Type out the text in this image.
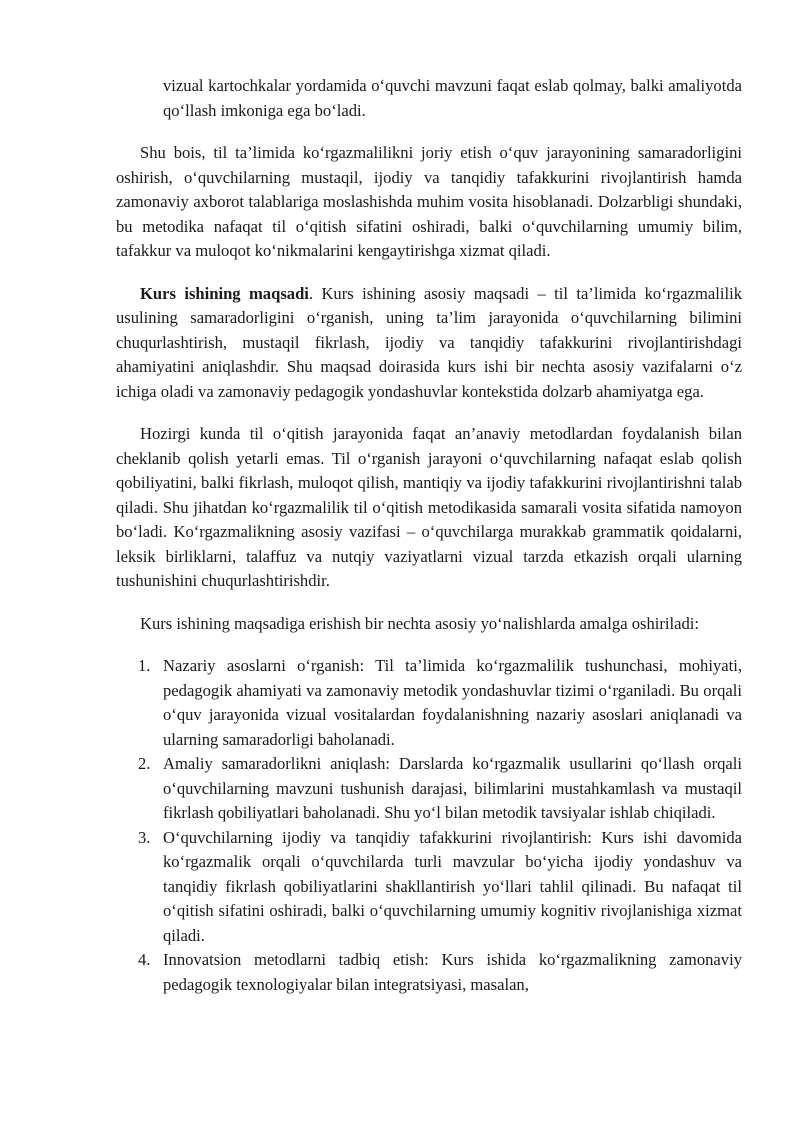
vizual kartochkalar yordamida o‘quvchi mavzuni faqat eslab qolmay, balki amaliyotda qo‘llash imkoniga ega bo‘ladi.

Shu bois, til ta’limida ko‘rgazmalilikni joriy etish o‘quv jarayonining samaradorligini oshirish, o‘quvchilarning mustaqil, ijodiy va tanqidiy tafakkurini rivojlantirish hamda zamonaviy axborot talablariga moslashishda muhim vosita hisoblanadi. Dolzarbligi shundaki, bu metodika nafaqat til o‘qitish sifatini oshiradi, balki o‘quvchilarning umumiy bilim, tafakkur va muloqot ko‘nikmalarini kengaytirishga xizmat qiladi.

Kurs ishining maqsadi. Kurs ishining asosiy maqsadi – til ta’limida ko‘rgazmalilik usulining samaradorligini o‘rganish, uning ta’lim jarayonida o‘quvchilarning bilimini chuqurlashtirish, mustaqil fikrlash, ijodiy va tanqidiy tafakkurini rivojlantirishdagi ahamiyatini aniqlashdir. Shu maqsad doirasida kurs ishi bir nechta asosiy vazifalarni o‘z ichiga oladi va zamonaviy pedagogik yondashuvlar kontekstida dolzarb ahamiyatga ega.

Hozirgi kunda til o‘qitish jarayonida faqat an’anaviy metodlardan foydalanish bilan cheklanib qolish yetarli emas. Til o‘rganish jarayoni o‘quvchilarning nafaqat eslab qolish qobiliyatini, balki fikrlash, muloqot qilish, mantiqiy va ijodiy tafakkurini rivojlantirishni talab qiladi. Shu jihatdan ko‘rgazmalilik til o‘qitish metodikasida samarali vosita sifatida namoyon bo‘ladi. Ko‘rgazmalikning asosiy vazifasi – o‘quvchilarga murakkab grammatik qoidalarni, leksik birliklarni, talaffuz va nutqiy vaziyatlarni vizual tarzda etkazish orqali ularning tushunishini chuqurlashtirishdir.

Kurs ishining maqsadiga erishish bir nechta asosiy yo‘nalishlarda amalga oshiriladi:

1. Nazariy asoslarni o‘rganish: Til ta’limida ko‘rgazmalilik tushunchasi, mohiyati, pedagogik ahamiyati va zamonaviy metodik yondashuvlar tizimi o‘rganiladi. Bu orqali o‘quv jarayonida vizual vositalardan foydalanishning nazariy asoslari aniqlanadi va ularning samaradorligi baholanadi.
2. Amaliy samaradorlikni aniqlash: Darslarda ko‘rgazmalik usullarini qo‘llash orqali o‘quvchilarning mavzuni tushunish darajasi, bilimlarini mustahkamlash va mustaqil fikrlash qobiliyatlari baholanadi. Shu yo‘l bilan metodik tavsiyalar ishlab chiqiladi.
3. O‘quvchilarning ijodiy va tanqidiy tafakkurini rivojlantirish: Kurs ishi davomida ko‘rgazmalik orqali o‘quvchilarda turli mavzular bo‘yicha ijodiy yondashuv va tanqidiy fikrlash qobiliyatlarini shakllantirish yo‘llari tahlil qilinadi. Bu nafaqat til o‘qitish sifatini oshiradi, balki o‘quvchilarning umumiy kognitiv rivojlanishiga xizmat qiladi.
4. Innovatsion metodlarni tadbiq etish: Kurs ishida ko‘rgazmalikning zamonaviy pedagogik texnologiyalar bilan integratsiyasi, masalan,
